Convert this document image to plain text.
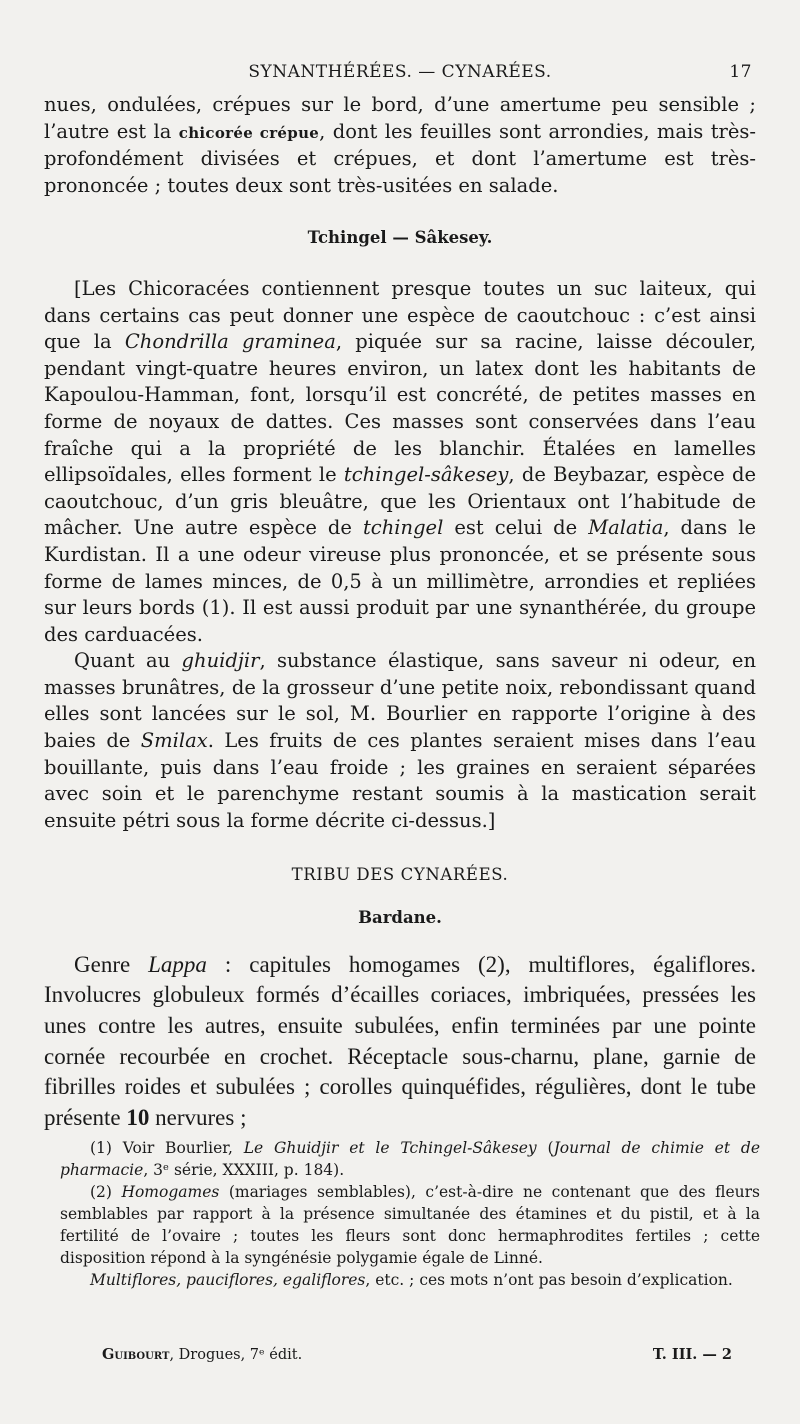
SYNANTHÉRÉES. — CYNARÉES.	17

nues, ondulées, crépues sur le bord, d’une amertume peu sensible ; l’autre est la chicorée crépue, dont les feuilles sont arrondies, mais très-profondément divisées et crépues, et dont l’amertume est très-prononcée ; toutes deux sont très-usitées en salade.

Tchingel — Sâkesey.

[Les Chicoracées contiennent presque toutes un suc laiteux, qui dans certains cas peut donner une espèce de caoutchouc : c’est ainsi que la Chondrilla graminea, piquée sur sa racine, laisse découler, pendant vingt-quatre heures environ, un latex dont les habitants de Kapoulou-Hamman, font, lorsqu’il est concrété, de petites masses en forme de noyaux de dattes. Ces masses sont conservées dans l’eau fraîche qui a la propriété de les blanchir. Étalées en lamelles ellipsoïdales, elles forment le tchingel-sâkesey, de Beybazar, espèce de caoutchouc, d’un gris bleuâtre, que les Orientaux ont l’habitude de mâcher. Une autre espèce de tchingel est celui de Malatia, dans le Kurdistan. Il a une odeur vireuse plus prononcée, et se présente sous forme de lames minces, de 0,5 à un millimètre, arrondies et repliées sur leurs bords (1). Il est aussi produit par une synanthérée, du groupe des carduacées.

Quant au ghuidjir, substance élastique, sans saveur ni odeur, en masses brunâtres, de la grosseur d’une petite noix, rebondissant quand elles sont lancées sur le sol, M. Bourlier en rapporte l’origine à des baies de Smilax. Les fruits de ces plantes seraient mises dans l’eau bouillante, puis dans l’eau froide ; les graines en seraient séparées avec soin et le parenchyme restant soumis à la mastication serait ensuite pétri sous la forme décrite ci-dessus.]

TRIBU DES CYNARÉES.

Bardane.

Genre Lappa : capitules homogames (2), multiflores, égaliflores. Involucres globuleux formés d’écailles coriaces, imbriquées, pressées les unes contre les autres, ensuite subulées, enfin terminées par une pointe cornée recourbée en crochet. Réceptacle sous-charnu, plane, garnie de fibrilles roides et subulées ; corolles quinquéfides, régulières, dont le tube présente 10 nervures ;

(1) Voir Bourlier, Le Ghuidjir et le Tchingel-Sâkesey (Journal de chimie et de pharmacie, 3ᵉ série, XXXIII, p. 184).

(2) Homogames (mariages semblables), c’est-à-dire ne contenant que des fleurs semblables par rapport à la présence simultanée des étamines et du pistil, et à la fertilité de l’ovaire ; toutes les fleurs sont donc hermaphrodites fertiles ; cette disposition répond à la syngénésie polygamie égale de Linné.

Multiflores, pauciflores, egaliflores, etc. ; ces mots n’ont pas besoin d’explication.

Guibourt, Drogues, 7ᵉ édit.	T. III. — 2
